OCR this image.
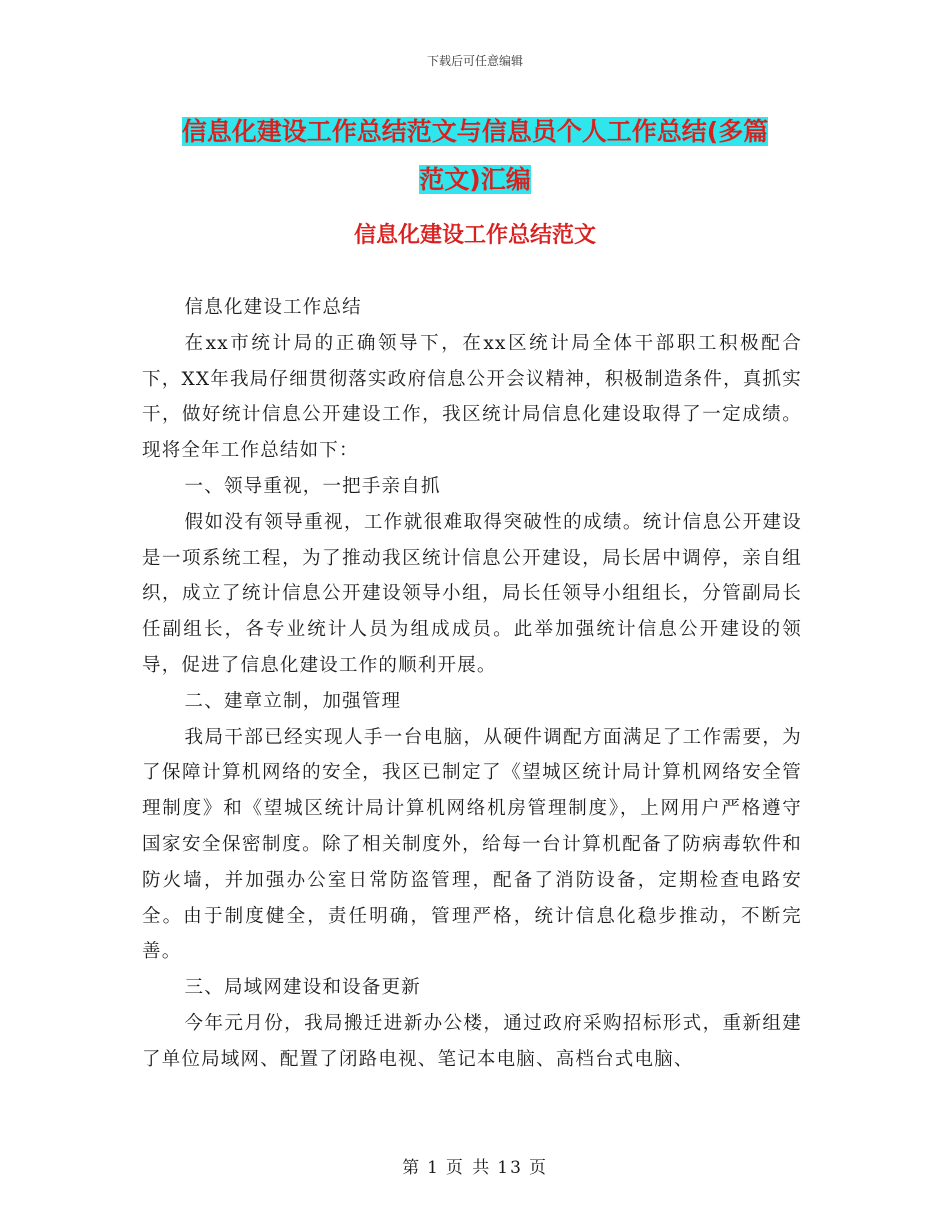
下载后可任意编辑
信息化建设工作总结范文与信息员个人工作总结(多篇
范文)汇编
信息化建设工作总结范文

信息化建设工作总结

在xx市统计局的正确领导下，在xx区统计局全体干部职工积极配合下，XX年我局仔细贯彻落实政府信息公开会议精神，积极制造条件，真抓实干，做好统计信息公开建设工作，我区统计局信息化建设取得了一定成绩。现将全年工作总结如下：

一、领导重视，一把手亲自抓

假如没有领导重视，工作就很难取得突破性的成绩。统计信息公开建设是一项系统工程，为了推动我区统计信息公开建设，局长居中调停，亲自组织，成立了统计信息公开建设领导小组，局长任领导小组组长，分管副局长任副组长，各专业统计人员为组成成员。此举加强统计信息公开建设的领导，促进了信息化建设工作的顺利开展。

二、建章立制，加强管理

我局干部已经实现人手一台电脑，从硬件调配方面满足了工作需要，为了保障计算机网络的安全，我区已制定了《望城区统计局计算机网络安全管理制度》和《望城区统计局计算机网络机房管理制度》，上网用户严格遵守国家安全保密制度。除了相关制度外，给每一台计算机配备了防病毒软件和防火墙，并加强办公室日常防盗管理，配备了消防设备，定期检查电路安全。由于制度健全，责任明确，管理严格，统计信息化稳步推动，不断完善。

三、局域网建设和设备更新

今年元月份，我局搬迁进新办公楼，通过政府采购招标形式，重新组建了单位局域网、配置了闭路电视、笔记本电脑、高档台式电脑、

第 1 页 共 13 页
